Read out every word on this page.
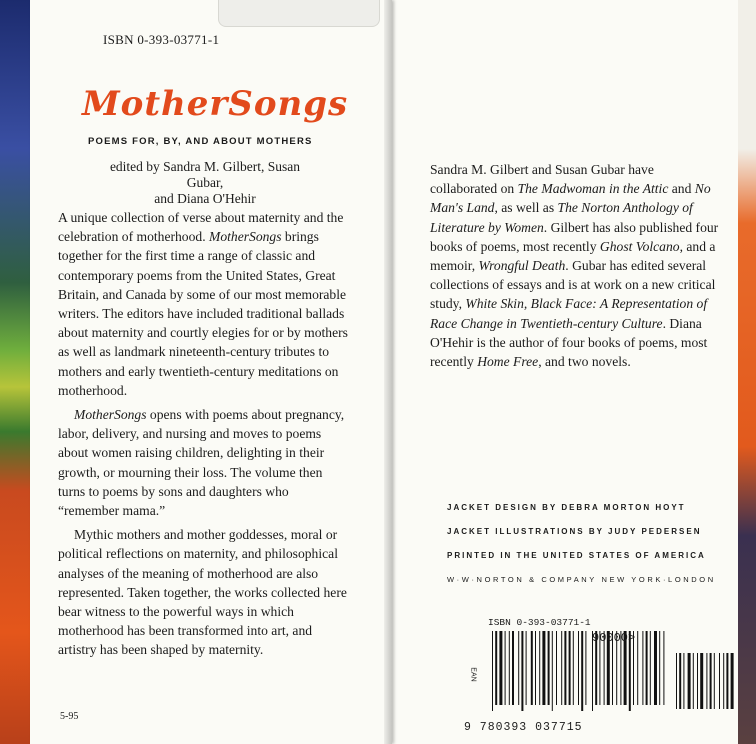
ISBN 0-393-03771-1
MotherSongs
POEMS FOR, BY, AND ABOUT MOTHERS
edited by Sandra M. Gilbert, Susan Gubar,
and Diana O'Hehir

A unique collection of verse about maternity and the celebration of motherhood. MotherSongs brings together for the first time a range of classic and contemporary poems from the United States, Great Britain, and Canada by some of our most memorable writers. The editors have included traditional ballads about maternity and courtly elegies for or by mothers as well as landmark nineteenth-century tributes to mothers and early twentieth-century meditations on motherhood.

MotherSongs opens with poems about pregnancy, labor, delivery, and nursing and moves to poems about women raising children, delighting in their growth, or mourning their loss. The volume then turns to poems by sons and daughters who “remember mama.”

Mythic mothers and mother goddesses, moral or political reflections on maternity, and philosophical analyses of the meaning of motherhood are also represented. Taken together, the works collected here bear witness to the powerful ways in which motherhood has been transformed into art, and artistry has been shaped by maternity.

5-95
Sandra M. Gilbert and Susan Gubar have collaborated on The Madwoman in the Attic and No Man's Land, as well as The Norton Anthology of Literature by Women. Gilbert has also published four books of poems, most recently Ghost Volcano, and a memoir, Wrongful Death. Gubar has edited several collections of essays and is at work on a new critical study, White Skin, Black Face: A Representation of Race Change in Twentieth-century Culture. Diana O'Hehir is the author of four books of poems, most recently Home Free, and two novels.
JACKET DESIGN BY DEBRA MORTON HOYT
JACKET ILLUSTRATIONS BY JUDY PEDERSEN
PRINTED IN THE UNITED STATES OF AMERICA
W·W·NORTON & COMPANY NEW YORK·LONDON
ISBN 0-393-03771-1
90000>
EAN
9 780393 037715
